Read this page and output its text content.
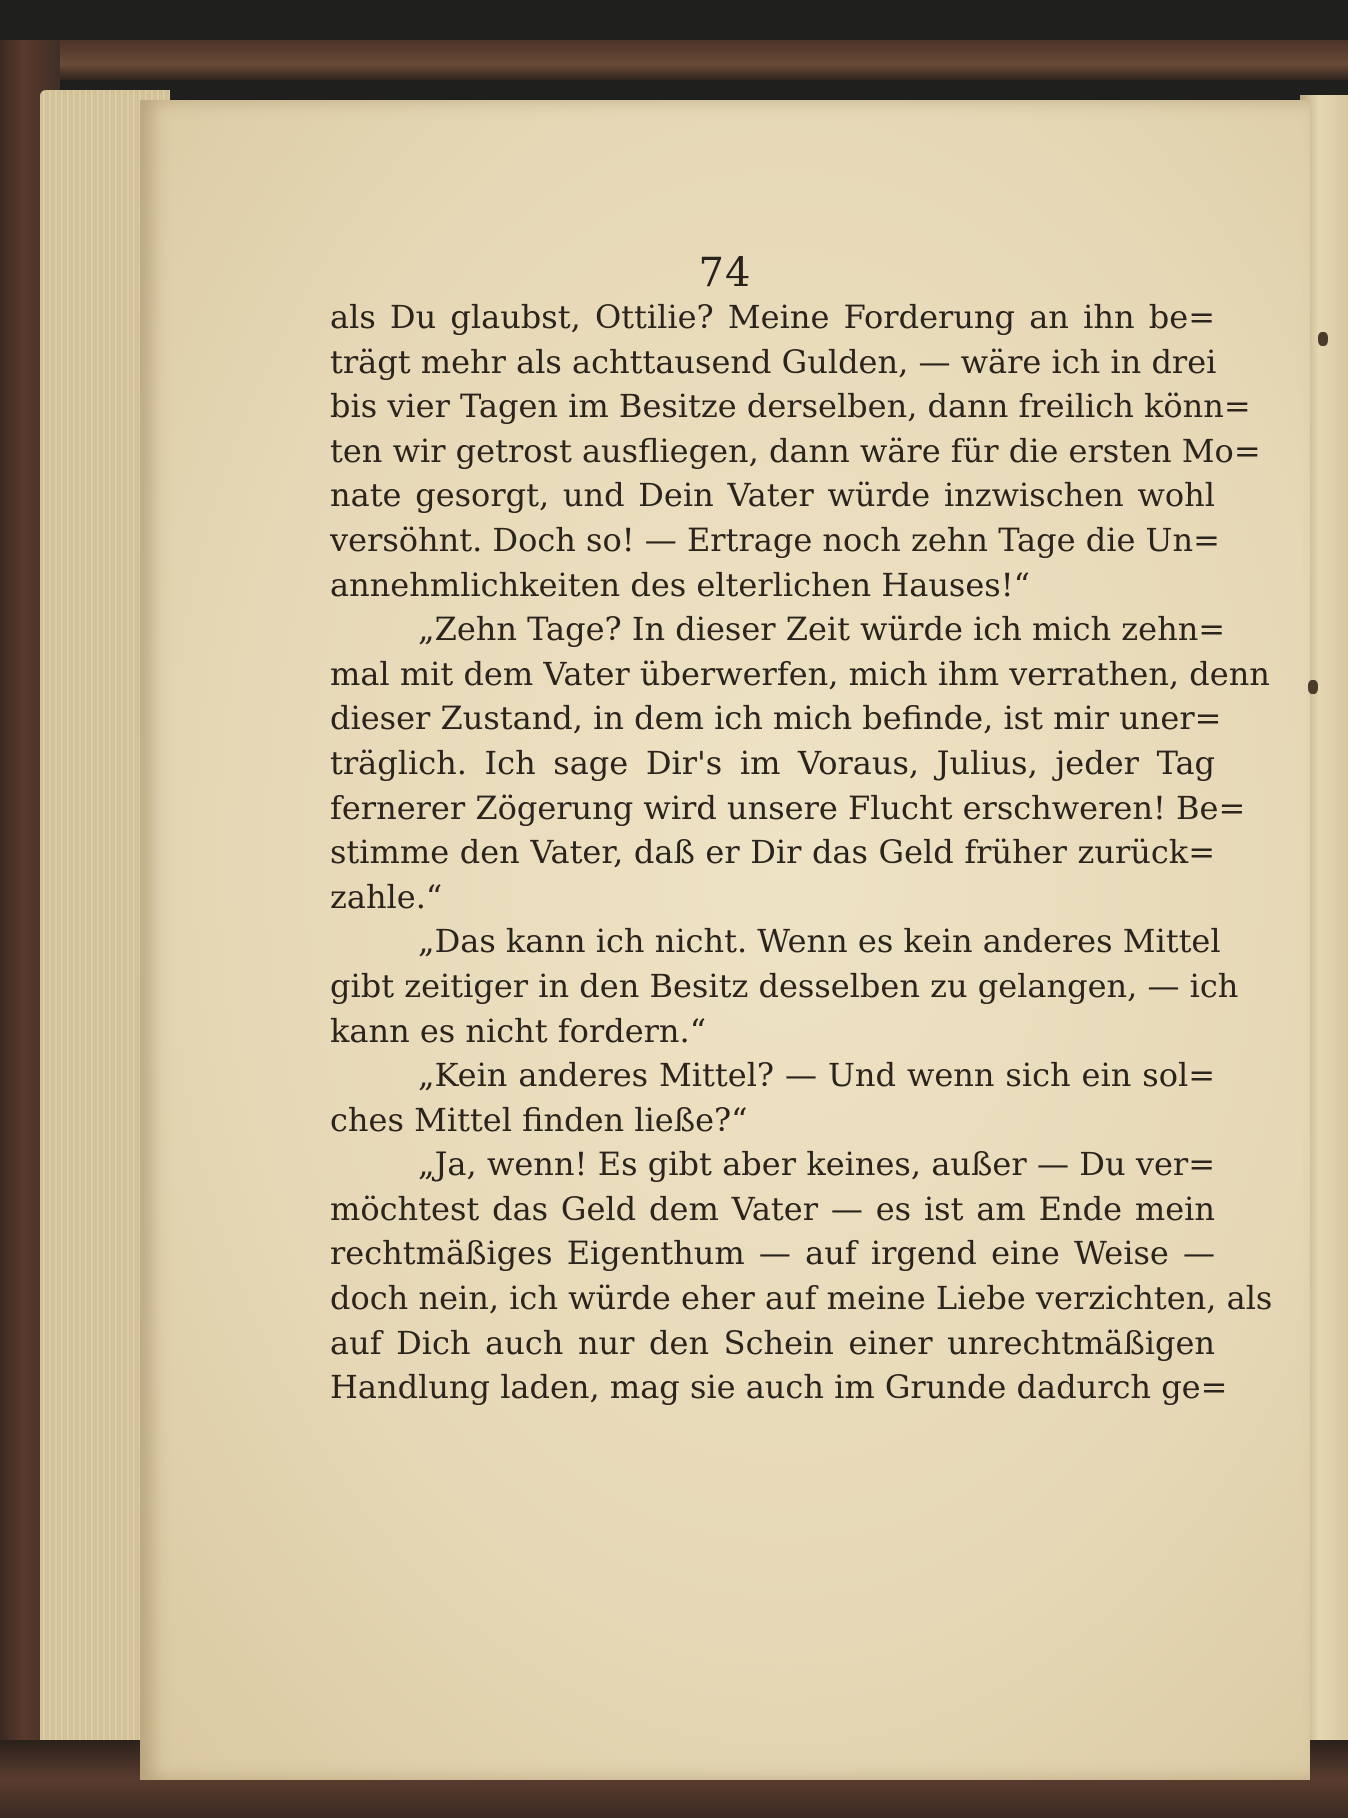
74
als Du glaubst, Ottilie? Meine Forderung an ihn be=
trägt mehr als achttausend Gulden, — wäre ich in drei
bis vier Tagen im Besitze derselben, dann freilich könn=
ten wir getrost ausfliegen, dann wäre für die ersten Mo=
nate gesorgt, und Dein Vater würde inzwischen wohl
versöhnt. Doch so! — Ertrage noch zehn Tage die Un=
annehmlichkeiten des elterlichen Hauses!“
„Zehn Tage? In dieser Zeit würde ich mich zehn=
mal mit dem Vater überwerfen, mich ihm verrathen, denn
dieser Zustand, in dem ich mich befinde, ist mir uner=
träglich. Ich sage Dir's im Voraus, Julius, jeder Tag
fernerer Zögerung wird unsere Flucht erschweren! Be=
stimme den Vater, daß er Dir das Geld früher zurück=
zahle.“
„Das kann ich nicht. Wenn es kein anderes Mittel
gibt zeitiger in den Besitz desselben zu gelangen, — ich
kann es nicht fordern.“
„Kein anderes Mittel? — Und wenn sich ein sol=
ches Mittel finden ließe?“
„Ja, wenn! Es gibt aber keines, außer — Du ver=
möchtest das Geld dem Vater — es ist am Ende mein
rechtmäßiges Eigenthum — auf irgend eine Weise —
doch nein, ich würde eher auf meine Liebe verzichten, als
auf Dich auch nur den Schein einer unrechtmäßigen
Handlung laden, mag sie auch im Grunde dadurch ge=
